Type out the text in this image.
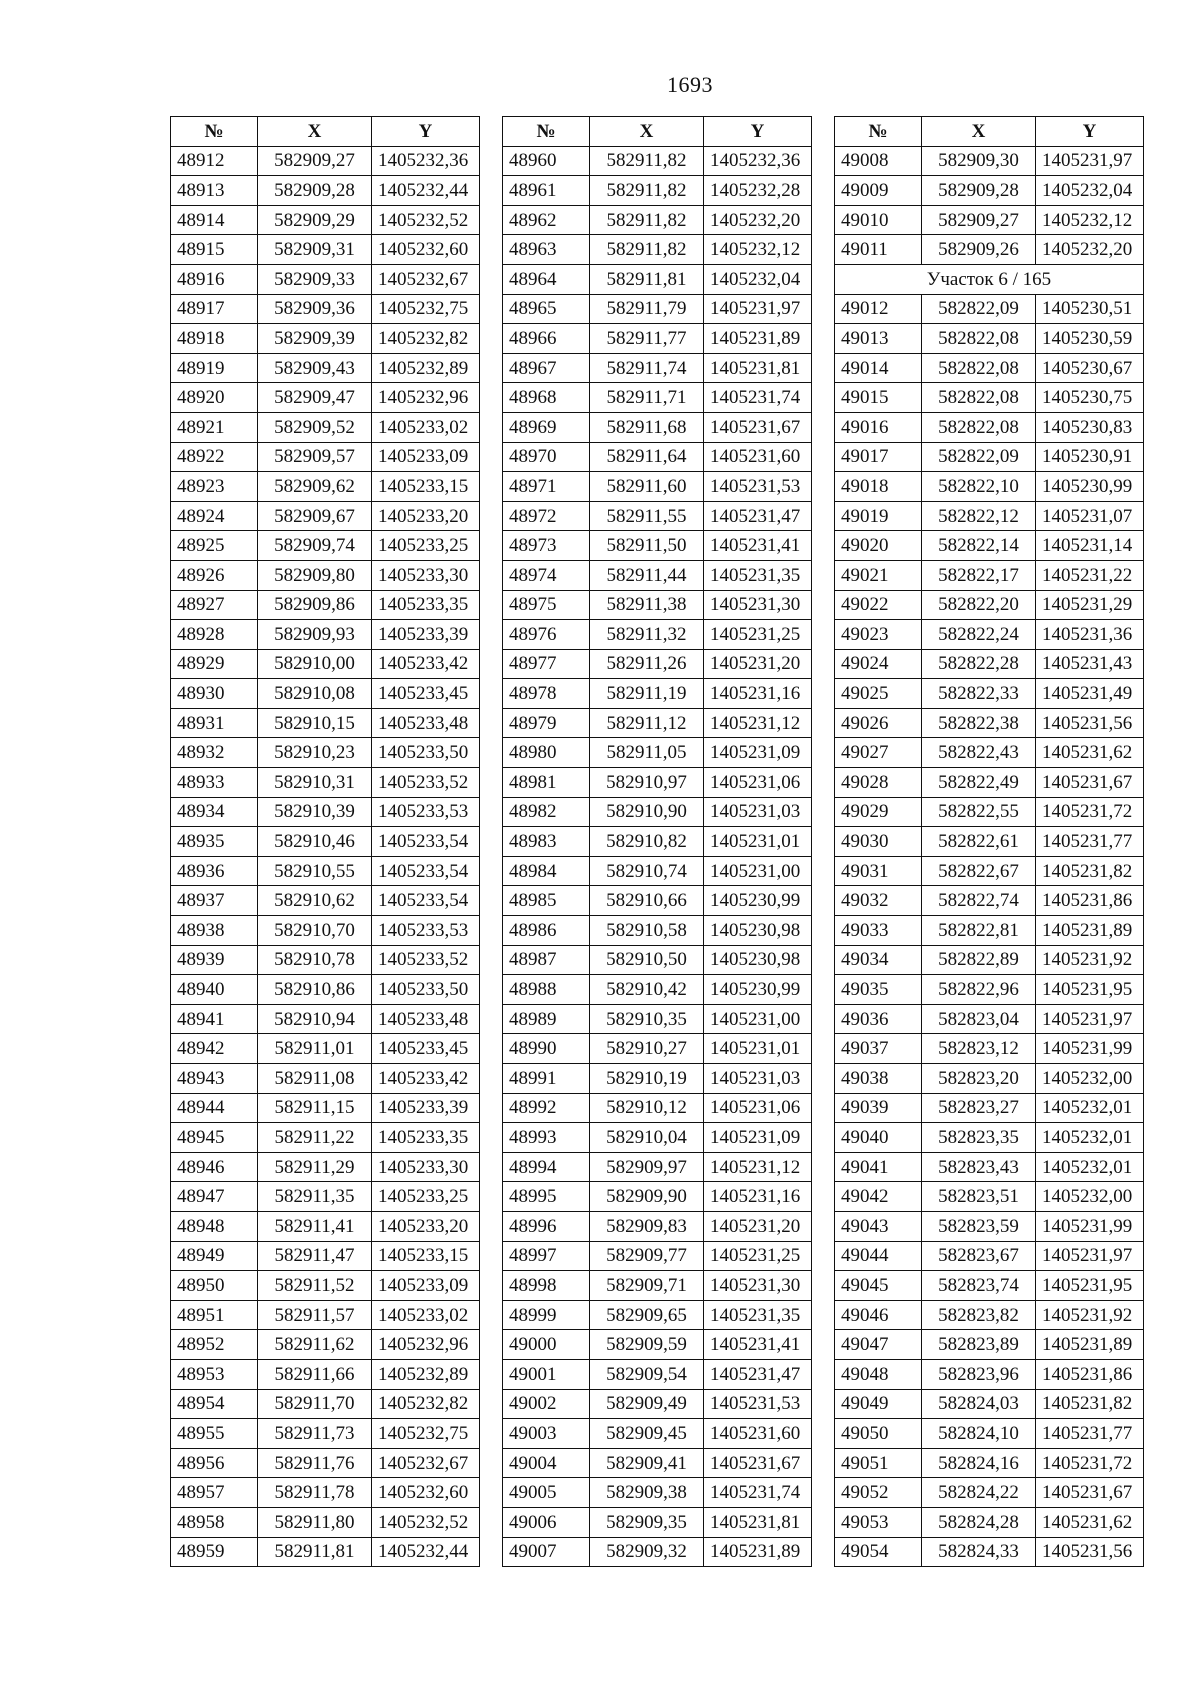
1693
№	X	Y
48912	582909,27	1405232,36
48913	582909,28	1405232,44
48914	582909,29	1405232,52
48915	582909,31	1405232,60
48916	582909,33	1405232,67
48917	582909,36	1405232,75
48918	582909,39	1405232,82
48919	582909,43	1405232,89
48920	582909,47	1405232,96
48921	582909,52	1405233,02
48922	582909,57	1405233,09
48923	582909,62	1405233,15
48924	582909,67	1405233,20
48925	582909,74	1405233,25
48926	582909,80	1405233,30
48927	582909,86	1405233,35
48928	582909,93	1405233,39
48929	582910,00	1405233,42
48930	582910,08	1405233,45
48931	582910,15	1405233,48
48932	582910,23	1405233,50
48933	582910,31	1405233,52
48934	582910,39	1405233,53
48935	582910,46	1405233,54
48936	582910,55	1405233,54
48937	582910,62	1405233,54
48938	582910,70	1405233,53
48939	582910,78	1405233,52
48940	582910,86	1405233,50
48941	582910,94	1405233,48
48942	582911,01	1405233,45
48943	582911,08	1405233,42
48944	582911,15	1405233,39
48945	582911,22	1405233,35
48946	582911,29	1405233,30
48947	582911,35	1405233,25
48948	582911,41	1405233,20
48949	582911,47	1405233,15
48950	582911,52	1405233,09
48951	582911,57	1405233,02
48952	582911,62	1405232,96
48953	582911,66	1405232,89
48954	582911,70	1405232,82
48955	582911,73	1405232,75
48956	582911,76	1405232,67
48957	582911,78	1405232,60
48958	582911,80	1405232,52
48959	582911,81	1405232,44
№	X	Y
48960	582911,82	1405232,36
48961	582911,82	1405232,28
48962	582911,82	1405232,20
48963	582911,82	1405232,12
48964	582911,81	1405232,04
48965	582911,79	1405231,97
48966	582911,77	1405231,89
48967	582911,74	1405231,81
48968	582911,71	1405231,74
48969	582911,68	1405231,67
48970	582911,64	1405231,60
48971	582911,60	1405231,53
48972	582911,55	1405231,47
48973	582911,50	1405231,41
48974	582911,44	1405231,35
48975	582911,38	1405231,30
48976	582911,32	1405231,25
48977	582911,26	1405231,20
48978	582911,19	1405231,16
48979	582911,12	1405231,12
48980	582911,05	1405231,09
48981	582910,97	1405231,06
48982	582910,90	1405231,03
48983	582910,82	1405231,01
48984	582910,74	1405231,00
48985	582910,66	1405230,99
48986	582910,58	1405230,98
48987	582910,50	1405230,98
48988	582910,42	1405230,99
48989	582910,35	1405231,00
48990	582910,27	1405231,01
48991	582910,19	1405231,03
48992	582910,12	1405231,06
48993	582910,04	1405231,09
48994	582909,97	1405231,12
48995	582909,90	1405231,16
48996	582909,83	1405231,20
48997	582909,77	1405231,25
48998	582909,71	1405231,30
48999	582909,65	1405231,35
49000	582909,59	1405231,41
49001	582909,54	1405231,47
49002	582909,49	1405231,53
49003	582909,45	1405231,60
49004	582909,41	1405231,67
49005	582909,38	1405231,74
49006	582909,35	1405231,81
49007	582909,32	1405231,89
№	X	Y
49008	582909,30	1405231,97
49009	582909,28	1405232,04
49010	582909,27	1405232,12
49011	582909,26	1405232,20
Участок 6 / 165		
49012	582822,09	1405230,51
49013	582822,08	1405230,59
49014	582822,08	1405230,67
49015	582822,08	1405230,75
49016	582822,08	1405230,83
49017	582822,09	1405230,91
49018	582822,10	1405230,99
49019	582822,12	1405231,07
49020	582822,14	1405231,14
49021	582822,17	1405231,22
49022	582822,20	1405231,29
49023	582822,24	1405231,36
49024	582822,28	1405231,43
49025	582822,33	1405231,49
49026	582822,38	1405231,56
49027	582822,43	1405231,62
49028	582822,49	1405231,67
49029	582822,55	1405231,72
49030	582822,61	1405231,77
49031	582822,67	1405231,82
49032	582822,74	1405231,86
49033	582822,81	1405231,89
49034	582822,89	1405231,92
49035	582822,96	1405231,95
49036	582823,04	1405231,97
49037	582823,12	1405231,99
49038	582823,20	1405232,00
49039	582823,27	1405232,01
49040	582823,35	1405232,01
49041	582823,43	1405232,01
49042	582823,51	1405232,00
49043	582823,59	1405231,99
49044	582823,67	1405231,97
49045	582823,74	1405231,95
49046	582823,82	1405231,92
49047	582823,89	1405231,89
49048	582823,96	1405231,86
49049	582824,03	1405231,82
49050	582824,10	1405231,77
49051	582824,16	1405231,72
49052	582824,22	1405231,67
49053	582824,28	1405231,62
49054	582824,33	1405231,56
